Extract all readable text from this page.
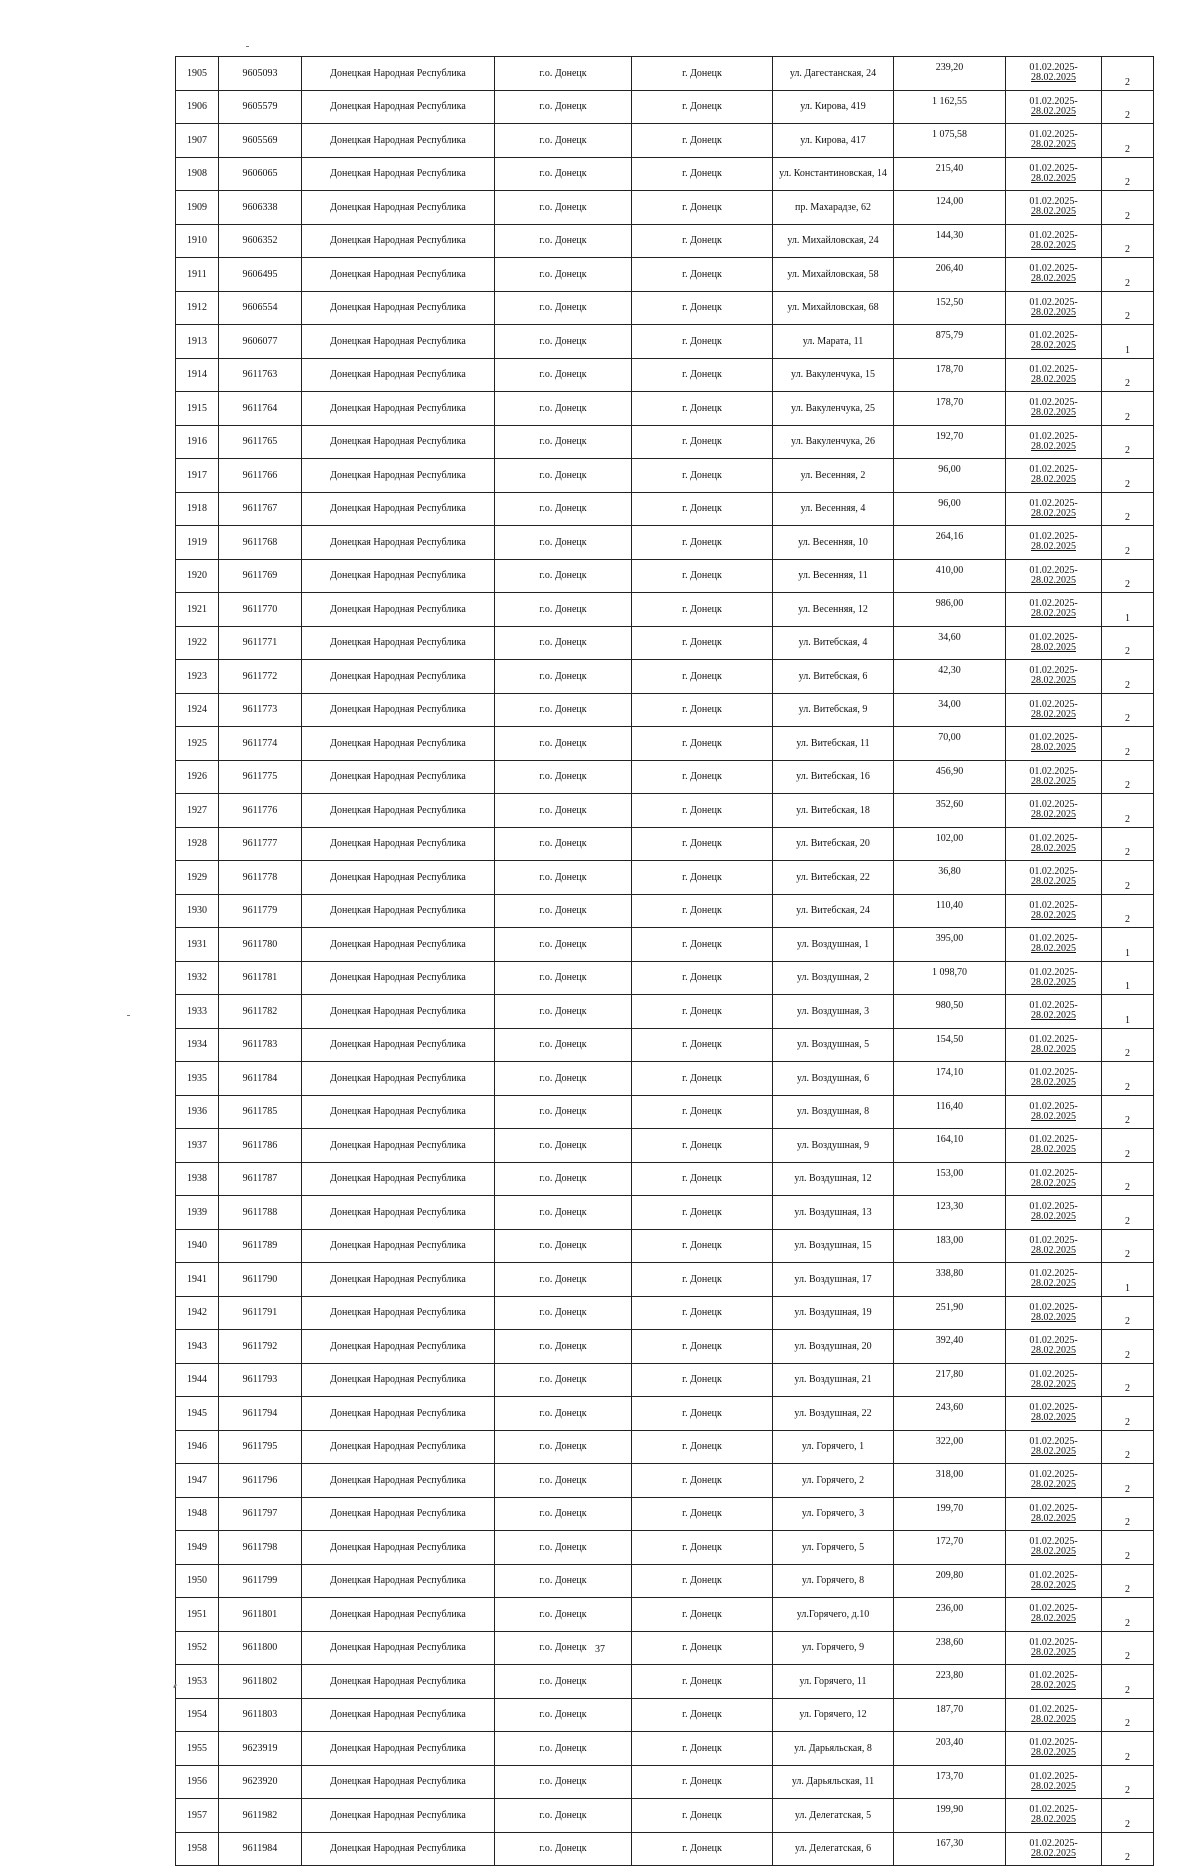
1905	9605093	Донецкая Народная Республика	г.о. Донецк	г. Донецк	ул. Дагестанская, 24	239,20	01.02.2025-
28.02.2025	2
1906	9605579	Донецкая Народная Республика	г.о. Донецк	г. Донецк	ул. Кирова, 419	1 162,55	01.02.2025-
28.02.2025	2
1907	9605569	Донецкая Народная Республика	г.о. Донецк	г. Донецк	ул. Кирова, 417	1 075,58	01.02.2025-
28.02.2025	2
1908	9606065	Донецкая Народная Республика	г.о. Донецк	г. Донецк	ул. Константиновская, 14	215,40	01.02.2025-
28.02.2025	2
1909	9606338	Донецкая Народная Республика	г.о. Донецк	г. Донецк	пр. Махарадзе, 62	124,00	01.02.2025-
28.02.2025	2
1910	9606352	Донецкая Народная Республика	г.о. Донецк	г. Донецк	ул. Михайловская, 24	144,30	01.02.2025-
28.02.2025	2
1911	9606495	Донецкая Народная Республика	г.о. Донецк	г. Донецк	ул. Михайловская, 58	206,40	01.02.2025-
28.02.2025	2
1912	9606554	Донецкая Народная Республика	г.о. Донецк	г. Донецк	ул. Михайловская, 68	152,50	01.02.2025-
28.02.2025	2
1913	9606077	Донецкая Народная Республика	г.о. Донецк	г. Донецк	ул. Марата, 11	875,79	01.02.2025-
28.02.2025	1
1914	9611763	Донецкая Народная Республика	г.о. Донецк	г. Донецк	ул. Вакуленчука, 15	178,70	01.02.2025-
28.02.2025	2
1915	9611764	Донецкая Народная Республика	г.о. Донецк	г. Донецк	ул. Вакуленчука, 25	178,70	01.02.2025-
28.02.2025	2
1916	9611765	Донецкая Народная Республика	г.о. Донецк	г. Донецк	ул. Вакуленчука, 26	192,70	01.02.2025-
28.02.2025	2
1917	9611766	Донецкая Народная Республика	г.о. Донецк	г. Донецк	ул. Весенняя, 2	96,00	01.02.2025-
28.02.2025	2
1918	9611767	Донецкая Народная Республика	г.о. Донецк	г. Донецк	ул. Весенняя, 4	96,00	01.02.2025-
28.02.2025	2
1919	9611768	Донецкая Народная Республика	г.о. Донецк	г. Донецк	ул. Весенняя, 10	264,16	01.02.2025-
28.02.2025	2
1920	9611769	Донецкая Народная Республика	г.о. Донецк	г. Донецк	ул. Весенняя, 11	410,00	01.02.2025-
28.02.2025	2
1921	9611770	Донецкая Народная Республика	г.о. Донецк	г. Донецк	ул. Весенняя, 12	986,00	01.02.2025-
28.02.2025	1
1922	9611771	Донецкая Народная Республика	г.о. Донецк	г. Донецк	ул. Витебская, 4	34,60	01.02.2025-
28.02.2025	2
1923	9611772	Донецкая Народная Республика	г.о. Донецк	г. Донецк	ул. Витебская, 6	42,30	01.02.2025-
28.02.2025	2
1924	9611773	Донецкая Народная Республика	г.о. Донецк	г. Донецк	ул. Витебская, 9	34,00	01.02.2025-
28.02.2025	2
1925	9611774	Донецкая Народная Республика	г.о. Донецк	г. Донецк	ул. Витебская, 11	70,00	01.02.2025-
28.02.2025	2
1926	9611775	Донецкая Народная Республика	г.о. Донецк	г. Донецк	ул. Витебская, 16	456,90	01.02.2025-
28.02.2025	2
1927	9611776	Донецкая Народная Республика	г.о. Донецк	г. Донецк	ул. Витебская, 18	352,60	01.02.2025-
28.02.2025	2
1928	9611777	Донецкая Народная Республика	г.о. Донецк	г. Донецк	ул. Витебская, 20	102,00	01.02.2025-
28.02.2025	2
1929	9611778	Донецкая Народная Республика	г.о. Донецк	г. Донецк	ул. Витебская, 22	36,80	01.02.2025-
28.02.2025	2
1930	9611779	Донецкая Народная Республика	г.о. Донецк	г. Донецк	ул. Витебская, 24	110,40	01.02.2025-
28.02.2025	2
1931	9611780	Донецкая Народная Республика	г.о. Донецк	г. Донецк	ул. Воздушная, 1	395,00	01.02.2025-
28.02.2025	1
1932	9611781	Донецкая Народная Республика	г.о. Донецк	г. Донецк	ул. Воздушная, 2	1 098,70	01.02.2025-
28.02.2025	1
1933	9611782	Донецкая Народная Республика	г.о. Донецк	г. Донецк	ул. Воздушная, 3	980,50	01.02.2025-
28.02.2025	1
1934	9611783	Донецкая Народная Республика	г.о. Донецк	г. Донецк	ул. Воздушная, 5	154,50	01.02.2025-
28.02.2025	2
1935	9611784	Донецкая Народная Республика	г.о. Донецк	г. Донецк	ул. Воздушная, 6	174,10	01.02.2025-
28.02.2025	2
1936	9611785	Донецкая Народная Республика	г.о. Донецк	г. Донецк	ул. Воздушная, 8	116,40	01.02.2025-
28.02.2025	2
1937	9611786	Донецкая Народная Республика	г.о. Донецк	г. Донецк	ул. Воздушная, 9	164,10	01.02.2025-
28.02.2025	2
1938	9611787	Донецкая Народная Республика	г.о. Донецк	г. Донецк	ул. Воздушная, 12	153,00	01.02.2025-
28.02.2025	2
1939	9611788	Донецкая Народная Республика	г.о. Донецк	г. Донецк	ул. Воздушная, 13	123,30	01.02.2025-
28.02.2025	2
1940	9611789	Донецкая Народная Республика	г.о. Донецк	г. Донецк	ул. Воздушная, 15	183,00	01.02.2025-
28.02.2025	2
1941	9611790	Донецкая Народная Республика	г.о. Донецк	г. Донецк	ул. Воздушная, 17	338,80	01.02.2025-
28.02.2025	1
1942	9611791	Донецкая Народная Республика	г.о. Донецк	г. Донецк	ул. Воздушная, 19	251,90	01.02.2025-
28.02.2025	2
1943	9611792	Донецкая Народная Республика	г.о. Донецк	г. Донецк	ул. Воздушная, 20	392,40	01.02.2025-
28.02.2025	2
1944	9611793	Донецкая Народная Республика	г.о. Донецк	г. Донецк	ул. Воздушная, 21	217,80	01.02.2025-
28.02.2025	2
1945	9611794	Донецкая Народная Республика	г.о. Донецк	г. Донецк	ул. Воздушная, 22	243,60	01.02.2025-
28.02.2025	2
1946	9611795	Донецкая Народная Республика	г.о. Донецк	г. Донецк	ул. Горячего, 1	322,00	01.02.2025-
28.02.2025	2
1947	9611796	Донецкая Народная Республика	г.о. Донецк	г. Донецк	ул. Горячего, 2	318,00	01.02.2025-
28.02.2025	2
1948	9611797	Донецкая Народная Республика	г.о. Донецк	г. Донецк	ул. Горячего, 3	199,70	01.02.2025-
28.02.2025	2
1949	9611798	Донецкая Народная Республика	г.о. Донецк	г. Донецк	ул. Горячего, 5	172,70	01.02.2025-
28.02.2025	2
1950	9611799	Донецкая Народная Республика	г.о. Донецк	г. Донецк	ул. Горячего, 8	209,80	01.02.2025-
28.02.2025	2
1951	9611801	Донецкая Народная Республика	г.о. Донецк	г. Донецк	ул.Горячего, д.10	236,00	01.02.2025-
28.02.2025	2
1952	9611800	Донецкая Народная Республика	г.о. Донецк	г. Донецк	ул. Горячего, 9	238,60	01.02.2025-
28.02.2025	2
1953	9611802	Донецкая Народная Республика	г.о. Донецк	г. Донецк	ул. Горячего, 11	223,80	01.02.2025-
28.02.2025	2
1954	9611803	Донецкая Народная Республика	г.о. Донецк	г. Донецк	ул. Горячего, 12	187,70	01.02.2025-
28.02.2025	2
1955	9623919	Донецкая Народная Республика	г.о. Донецк	г. Донецк	ул. Дарьяльская, 8	203,40	01.02.2025-
28.02.2025	2
1956	9623920	Донецкая Народная Республика	г.о. Донецк	г. Донецк	ул. Дарьяльская, 11	173,70	01.02.2025-
28.02.2025	2
1957	9611982	Донецкая Народная Республика	г.о. Донецк	г. Донецк	ул. Делегатская, 5	199,90	01.02.2025-
28.02.2025	2
1958	9611984	Донецкая Народная Республика	г.о. Донецк	г. Донецк	ул. Делегатская, 6	167,30	01.02.2025-
28.02.2025	2
37
